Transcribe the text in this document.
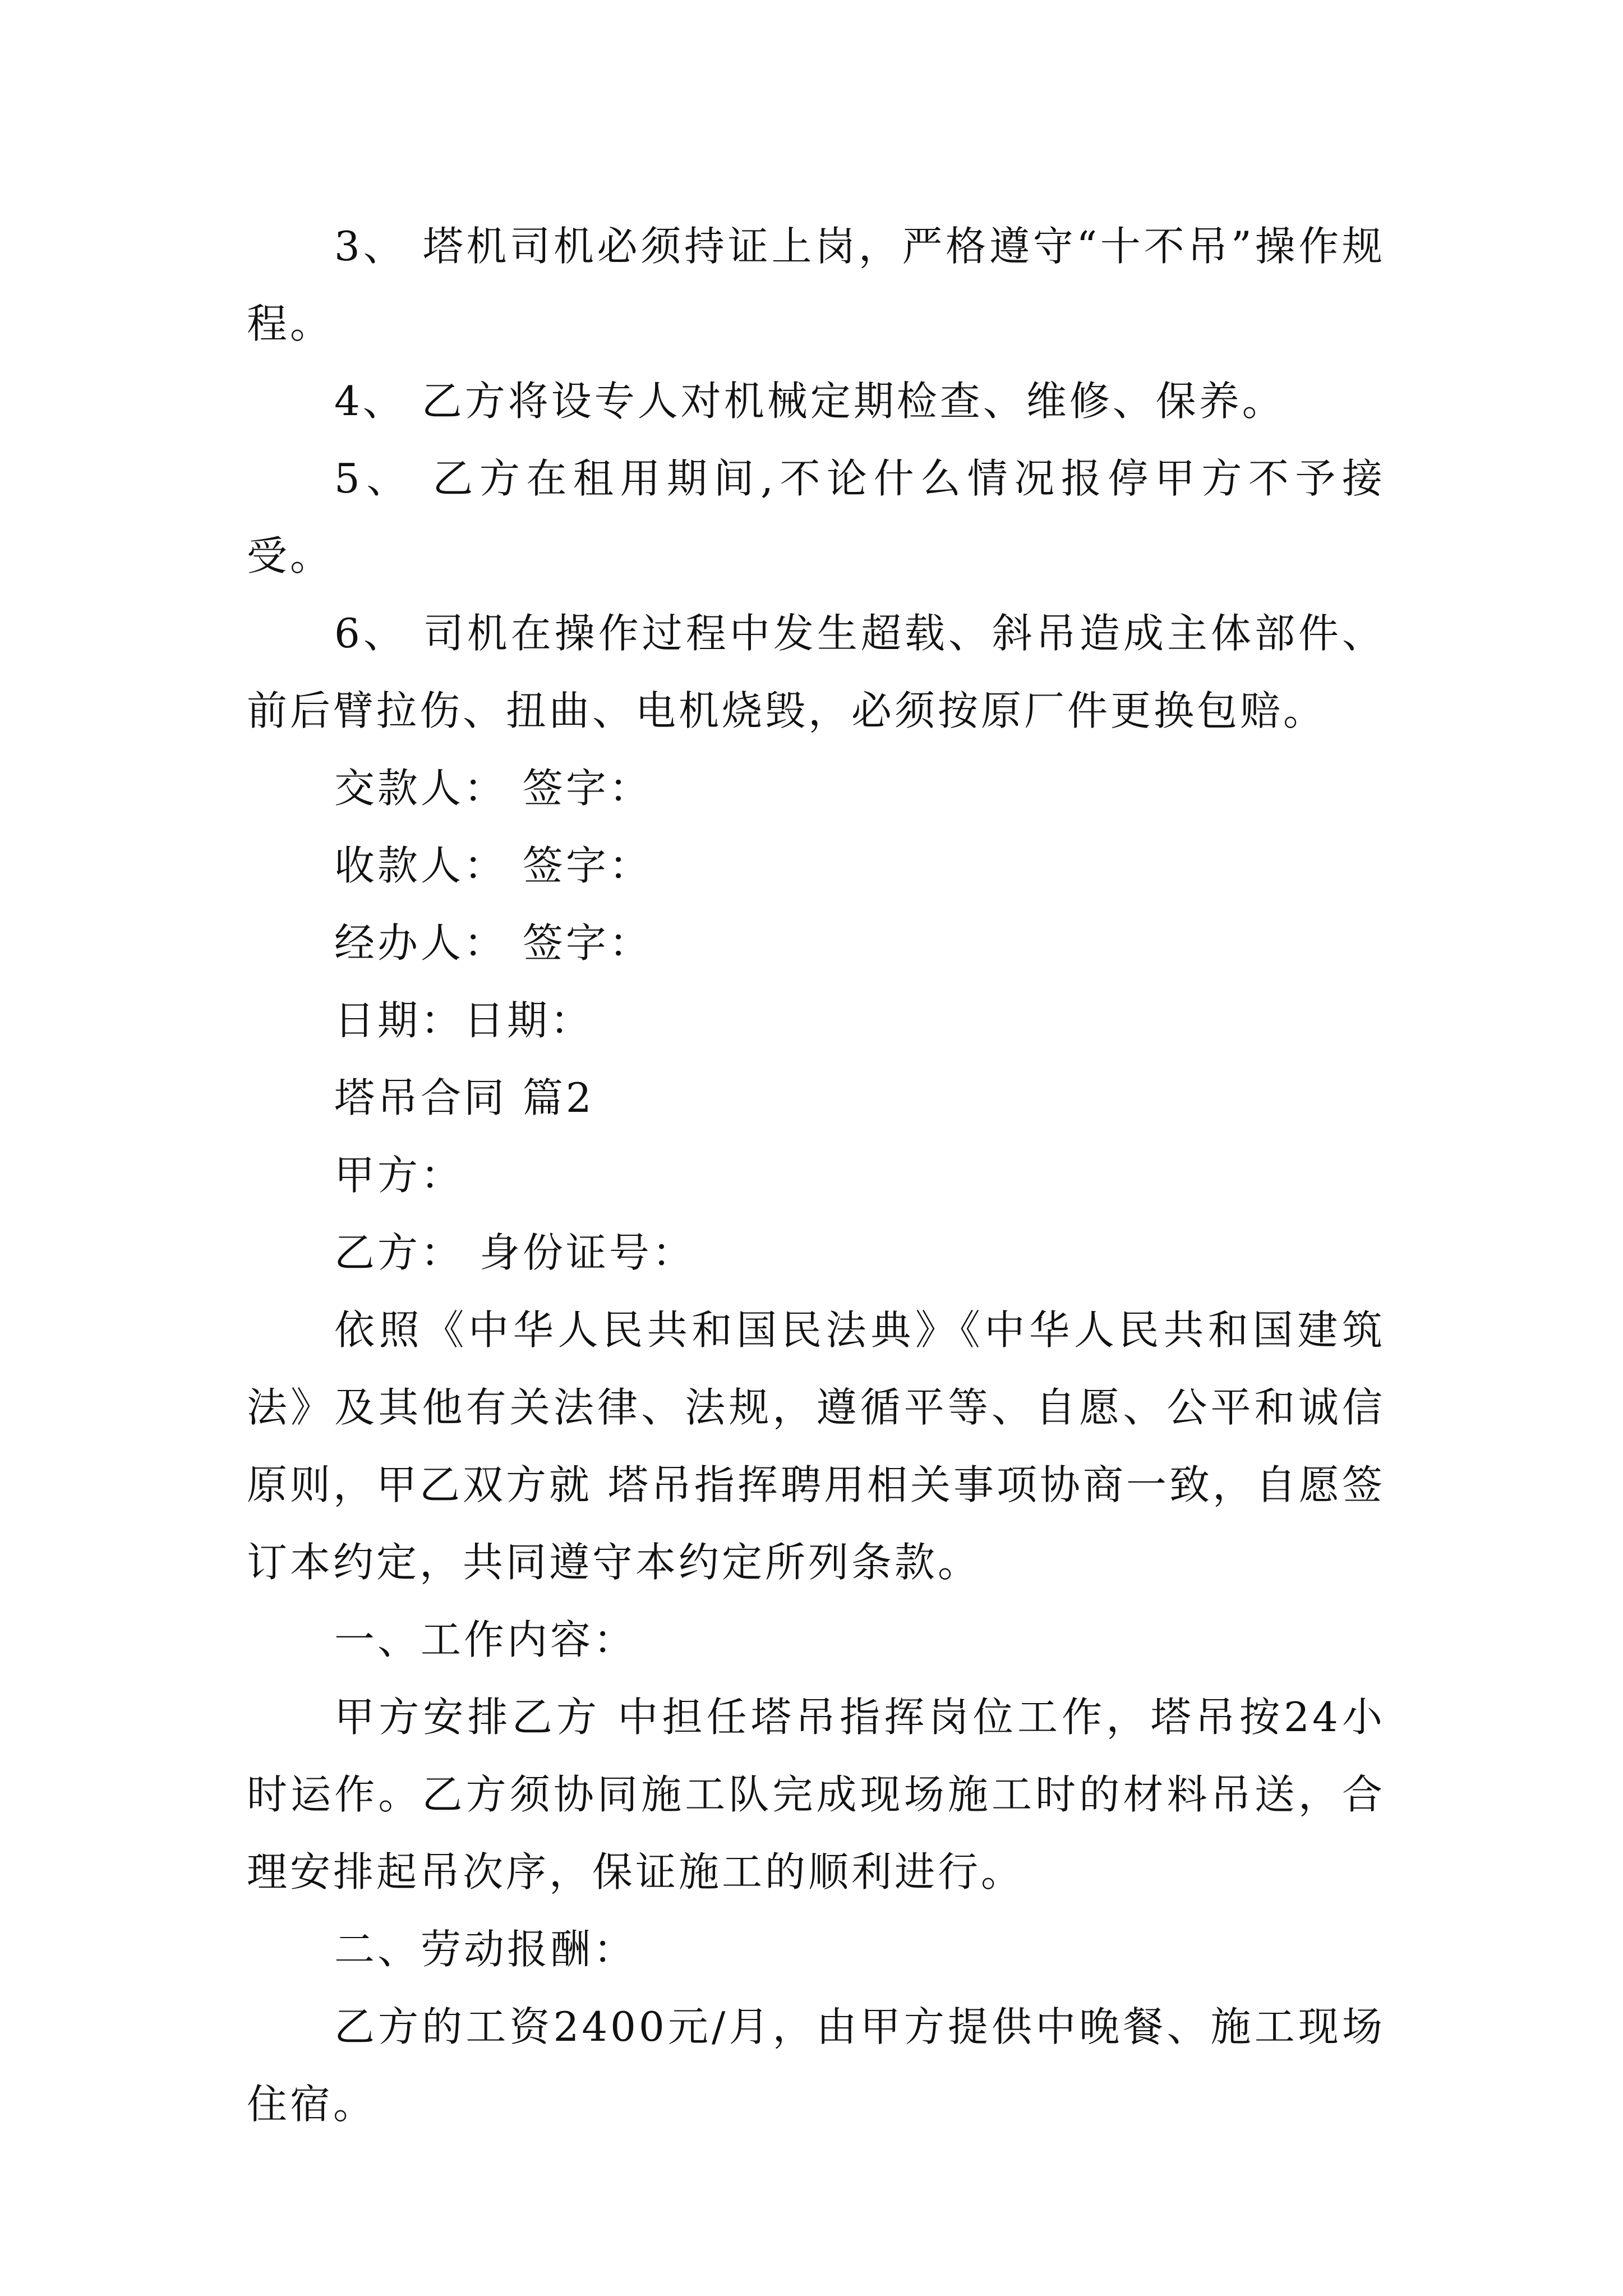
3、 塔机司机必须持证上岗，严格遵守“十不吊”操作规程。

4、 乙方将设专人对机械定期检查、维修、保养。

5、 乙方在租用期间,不论什么情况报停甲方不予接受。

6、 司机在操作过程中发生超载、斜吊造成主体部件、前后臂拉伤、扭曲、电机烧毁，必须按原厂件更换包赔。

交款人： 签字：

收款人： 签字：

经办人： 签字：

日期：日期：

塔吊合同 篇2

甲方：

乙方： 身份证号：

依照《中华人民共和国民法典》《中华人民共和国建筑法》及其他有关法律、法规，遵循平等、自愿、公平和诚信原则，甲乙双方就 塔吊指挥聘用相关事项协商一致，自愿签订本约定，共同遵守本约定所列条款。

一、工作内容：

甲方安排乙方 中担任塔吊指挥岗位工作，塔吊按24小时运作。乙方须协同施工队完成现场施工时的材料吊送，合理安排起吊次序，保证施工的顺利进行。

二、劳动报酬：

乙方的工资2400元/月，由甲方提供中晚餐、施工现场住宿。
